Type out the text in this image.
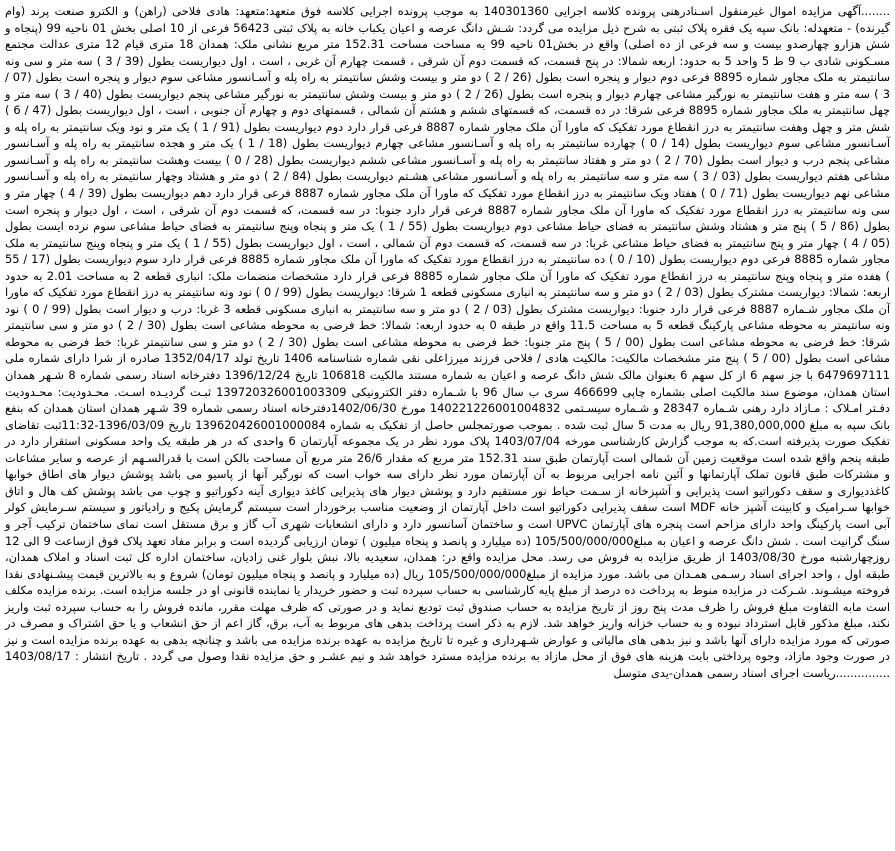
........آگهی مزایده اموال غیرمنقول اسـنادرهنی پرونده کلاسه اجرایی 140301360 به موجب پرونده اجرایی کلاسه فوق متعهد:متعهد: هادی فلاحی (راهن) و الکترو صنعت پرند (وام گیرنده) - متعهدله: بانک سپه یک فقره پلاک ثبتی به شرح ذیل مزایده می گردد: شـش دانگ عرصه و اعیان یکباب خانه به پلاک ثبتی 56423 فرعی از 10 اصلی بخش 01 ناحیه 99 (پنجاه و شش هزارو چهارصدو بیست و سه فرعی از ده اصلی) واقع در بخش01 ناحیه 99 به مساحت مساحت 152.31 متر مربع نشانی ملک: همدان 18 متری قیام 12 متری عدالت مجتمع مسـکونی شادی ب 9 ط 5 واحد 5 به حدود: اربعه شمالا: در پنج قسمت، که قسمت دوم آن شرقی ، قسمت چهارم آن غربی ، است ، اول دیواریست بطول (39 / 3 ) سه متر و سی ونه سانتیمتر به ملک مجاور شماره 8895 فرعی دوم دیوار و پنجره است بطول (26 / 2 ) دو متر و بیست وشش سانتیمتر به راه پله و آسـانسور مشاعی سوم دیوار و پنجره است بطول (07 / 3 ) سه متر و هفت سانتیمتر به نورگیر مشاعی چهارم دیوار و پنجره است بطول (26 / 2 ) دو متر و بیست وشش سانتیمتر به نورگیر مشاعی پنجم دیواریست بطول (40 / 3 ) سه متر و چهل سانتیمتر به ملک مجاور شماره 8895 فرعی شرقا: در ده قسمت، که قسمتهای ششم و هشتم آن شمالی ، قسمتهای دوم و چهارم آن جنوبی ، است ، اول دیواریست بطول (47 / 6 ) شش متر و چهل وهفت سانتیمتر به درز انقطاع مورد تفکیک که ماورا آن ملک مجاور شماره 8887 فرعی قرار دارد دوم دیواریست بطول (91 / 1 ) یک متر و نود ویک سانتیمتر به راه پله و آسـانسور مشاعی سوم دیواریست بطول (14 / 0 ) چهارده سانتیمتر به راه پله و آسـانسور مشاعی چهارم دیواریست بطول (18 / 1 ) یک متر و هجده سانتیمتر به راه پله و آسـانسور مشاعی پنجم درب و دیوار است بطول (70 / 2 ) دو متر و هفتاد سانتیمتر به راه پله و آسـانسور مشاعی ششم دیواریست بطول (28 / 0 ) بیست وهشت سانتیمتر به راه پله و آسـانسور مشاعی هفتم دیواریست بطول (03 / 3 ) سه متر و سه سانتیمتر به راه پله و آسـانسور مشاعی هشـتم دیواریست بطول (84 / 2 ) دو متر و هشتاد وچهار سانتیمتر به راه پله و آسـانسور مشاعی نهم دیواریست بطول (71 / 0 ) هفتاد ویک سانتیمتر به درز انقطاع مورد تفکیک که ماورا آن ملک مجاور شماره 8887 فرعی قرار دارد دهم دیواریست بطول (39 / 4 ) چهار متر و سی ونه سانتیمتر به درز انقطاع مورد تفکیک که ماورا آن ملک مجاور شماره 8887 فرعی قرار دارد جنوبا: در سه قسمت، که قسمت دوم آن شرقی ، است ، اول دیوار و پنجره است بطول (86 / 5 ) پنج متر و هشتاد وشش سانتیمتر به فضای حیاط مشاعی دوم دیواریست بطول (55 / 1 ) یک متر و پنجاه وپنج سانتیمتر به فضای حیاط مشاعی سوم نرده ایست بطول (05 / 4 ) چهار متر و پنج سانتیمتر به فضای حیاط مشاعی غربا: در سه قسمت، که قسمت دوم آن شمالی ، است ، اول دیواریست بطول (55 / 1 ) یک متر و پنجاه وپنج سانتیمتر به ملک مجاور شماره 8885 فرعی دوم دیواریست بطول (10 / 0 ) ده سانتیمتر به درز انقطاع مورد تفکیک که ماورا آن ملک مجاور شماره 8885 فرعی قرار دارد سوم دیواریست بطول (17 / 55 ) هفده متر و پنجاه وپنج سانتیمتر به درز انقطاع مورد تفکیک که ماورا آن ملک مجاور شماره 8885 فرعی قرار دارد مشخصات منضمات ملک: انباری قطعه 2 به مساحت 2.01 به حدود اربعه: شمالا: دیواریست مشترک بطول (03 / 2 ) دو متر و سه سانتیمتر به انباری مسکونی قطعه 1 شرقا: دیواریست بطول (99 / 0 ) نود ونه سانتیمتر به درز انقطاع مورد تفکیک که ماورا آن ملک مجاور شـماره 8887 فرعی قرار دارد جنوبا: دیواریست مشترک بطول (03 / 2 ) دو متر و سه سانتیمتر به انباری مسکونی قطعه 3 غربا: درب و دیوار است بطول (99 / 0 ) نود ونه سانتیمتر به محوطه مشاعی پارکینگ قطعه 5 به مساحت 11.5 واقع در طبقه 0 به حدود اربعه: شمالا: خط فرضی به محوطه مشاعی است بطول (30 / 2 ) دو متر و سی سانتیمتر شرقا: خط فرضی به محوطه مشاعی است بطول (00 / 5 ) پنج متر جنوبا: خط فرضی به محوطه مشاعی است بطول (30 / 2 ) دو متر و سی سانتیمتر غربا: خط فرضی به محوطه مشاعی است بطول (00 / 5 ) پنج متر مشخصات مالکیت: مالکیت هادی / فلاحی فرزند میرزاعلی نقی شماره شناسنامه 1406 تاریخ تولد 1352/04/17 صادره از شرا دارای شماره ملی 6479697111 با جز سهم 6 از کل سهم 6 بعنوان مالک شش دانگ عرصه و اعیان به شماره مستند مالکیت 106818 تاریخ 1396/12/24 دفترخانه اسناد رسمی شماره 8 شـهر همدان استان همدان، موضوع سند مالکیت اصلی بشماره چاپی 466699 سری ب سال 96 با شـماره دفتر الکترونیکی 139720326001003309 ثبـت گردیـده اسـت. محـدودیت: محـدودیت دفـتر امـلاک : مـازاد دارد رهنی شـماره 28347 و شـماره سیسـتمی 140221226001004832 مورخ 1402/06/30دفترخانه اسناد رسمی شماره 39 شـهر همدان استان همدان که بنفع بانک سپه به مبلغ 91,380,000,000 ریال به مدت 5 سال ثبت شده . بموجب صورتمجلس حاصل از تفکیک به شماره 139620426001000084 تاریخ 1396/03/09-11:32ثبت تقاضای تفکیک صورت پذیرفته است.که به موجب گزارش کارشناسی مورخه 1403/07/04 پلاک مورد نظر در یک مجموعه آپارتمان 6 واحدی که در هر طبقه یک واحد مسکونی استقرار دارد در طبقه پنجم واقع شده است موقعیت زمین آن شمالی است آپارتمان طبق سند 152.31 متر مربع که مقدار 26/6 متر مربع آن مساحت بالکن است با قدرالسـهم از عرصه و سایر مشاعات و مشترکات طبق قانون تملک آپارتمانها و آئین نامه اجرایی مربوط به آن آپارتمان مورد نظر دارای سه خواب است که نورگیر آنها از پاسیو می باشد پوشش دیوار های اطاق خوابها کاغذدیواری و سقف دکوراتیو است پذیرایی و آشپزخانه از سـمت حیاط نور مستقیم دارد و پوشش دیوار های پذیرایی کاغذ دیواری آینه دکوراتیو و چوب می باشد پوشش کف هال و اتاق خوابها سـرامیک و کابینت آشپز خانه MDF است سقف پذیرایی دکوراتیو است داخل آپارتمان از وضعیت مناسب برخوردار است سیستم گرمایش پکیج و رادیاتور و سیستم سـرمایش کولر آبی است پارکینگ واحد دارای مزاحم است پنجره های آپارتمان UPVC است و ساختمان آسانسور دارد و دارای انشعابات شهری آب گاز و برق مستقل است نمای ساختمان ترکیب آجر و سنگ گرانیت است . شش دانگ عرصه و اعیان به مبلغ105/500/000/000 (ده میلیارد و پانصد و پنجاه میلیون ) تومان ارزیابی گردیده است و برابر مفاد تعهد پلاک فوق ازساعت 9 الی 12 روزچهارشنبه مورخ 1403/08/30 از طریق مزایده به فروش می رسد. محل مزایده واقع در: همدان، سعیدیه بالا، نبش بلوار غنی زادیان، ساختمان اداره کل ثبت اسناد و املاک همدان، طبقه اول ، واحد اجرای اسناد رسـمی همـدان می باشد. مورد مزایده از مبلغ105/500/000/000 ریال (ده میلیارد و پانصد و پنجاه میلیون تومان) شروع و به بالاترین قیمت پیشـنهادی نقدا فروخته میشـوند. شـرکت در مزایده منوط به پرداخت ده درصد از مبلغ پایه کارشناسی به حساب سپرده ثبت و حضور خریدار یا نماینده قانونی او در جلسه مزایده است. برنده مزایده مکلف است مابه التفاوت مبلغ فروش را ظرف مدت پنج روز از تاریخ مزایده به حساب صندوق ثبت تودیع نماید و در صورتی که ظرف مهلت مقرر، مانده فروش را به حساب سپرده ثبت واریز نکند، مبلغ مذکور قابل استرداد نبوده و به حساب خزانه واریز خواهد شد. لازم به ذکر است پرداخت بدهی های مربوط به آب، برق، گاز اعم از حق انشعاب و یا حق اشتراک و مصرف در صورتی که مورد مزایده دارای آنها باشد و نیز بدهی های مالیاتی و عوارض شـهرداری و غیره تا تاریخ مزایده به عهده برنده مزایده می باشد و چنانچه بدهی به عهده برنده مزایده است و نیز در صورت وجود مازاد، وجوه پرداختی بابت هزینه های فوق از محل مازاد به برنده مزایده مسترد خواهد شد و نیم عشـر و حق مزایده نقدا وصول می گردد . تاریخ انتشار : 1403/08/17 ...............ریاست اجرای اسناد رسمی همدان-یدی متوسل
